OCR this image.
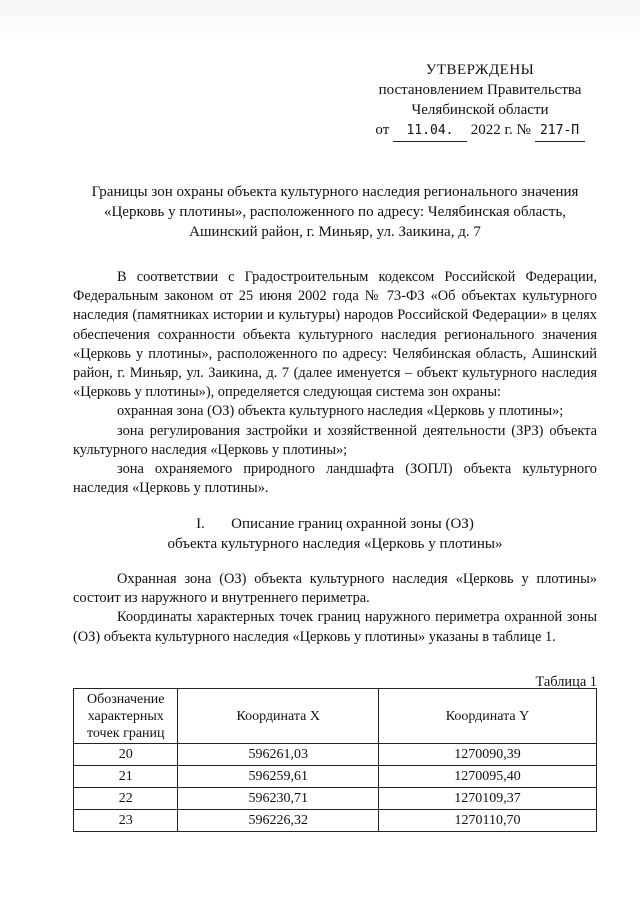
УТВЕРЖДЕНЫ
постановлением Правительства
Челябинской области
от 11.04. 2022 г. № 217-П
Границы зон охраны объекта культурного наследия регионального значения
«Церковь у плотины», расположенного по адресу: Челябинская область,
Ашинский район, г. Миньяр, ул. Заикина, д. 7

В соответствии с Градостроительным кодексом Российской Федерации, Федеральным законом от 25 июня 2002 года № 73-ФЗ «Об объектах культурного наследия (памятниках истории и культуры) народов Российской Федерации» в целях обеспечения сохранности объекта культурного наследия регионального значения «Церковь у плотины», расположенного по адресу: Челябинская область, Ашинский район, г. Миньяр, ул. Заикина, д. 7 (далее именуется – объект культурного наследия «Церковь у плотины»), определяется следующая система зон охраны:

охранная зона (ОЗ) объекта культурного наследия «Церковь у плотины»;

зона регулирования застройки и хозяйственной деятельности (ЗРЗ) объекта культурного наследия «Церковь у плотины»;

зона охраняемого природного ландшафта (ЗОПЛ) объекта культурного наследия «Церковь у плотины».

I. Описание границ охранной зоны (ОЗ)
объекта культурного наследия «Церковь у плотины»

Охранная зона (ОЗ) объекта культурного наследия «Церковь у плотины» состоит из наружного и внутреннего периметра.

Координаты характерных точек границ наружного периметра охранной зоны (ОЗ) объекта культурного наследия «Церковь у плотины» указаны в таблице 1.

Таблица 1
Обозначение характерных точек границ	Координата X	Координата Y
20	596261,03	1270090,39
21	596259,61	1270095,40
22	596230,71	1270109,37
23	596226,32	1270110,70
